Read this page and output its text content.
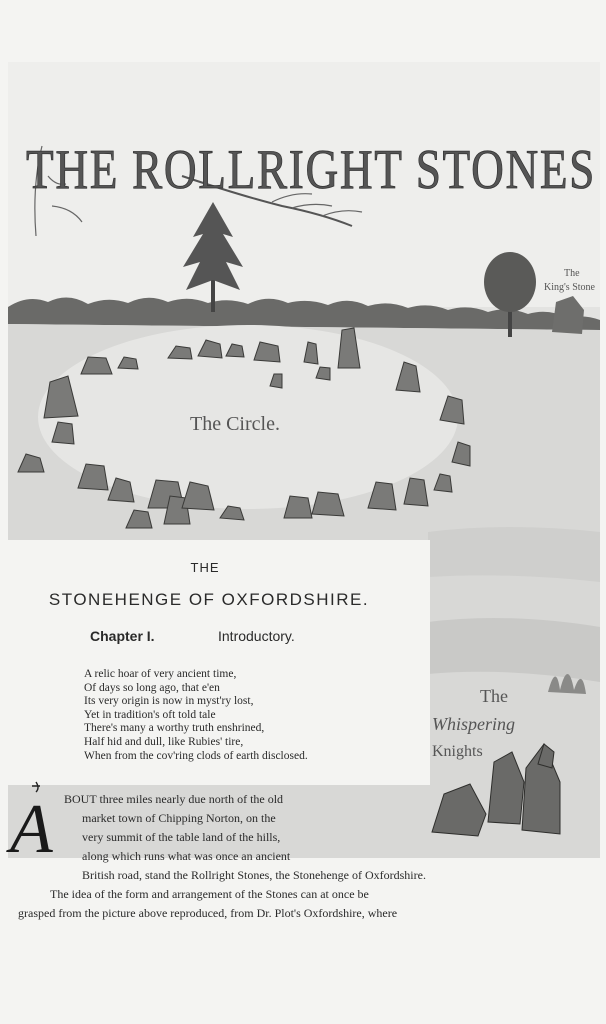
The
King's Stone
The Circle.
The
Whispering
Knights
THE ROLLRIGHT STONES
THE
STONEHENGE OF OXFORDSHIRE.
Chapter I.	Introductory.
A relic hoar of very ancient time,
Of days so long ago, that e'en
Its very origin is now in myst'ry lost,
Yet in tradition's oft told tale
There's many a worthy truth enshrined,
Half hid and dull, like Rubies' tire,
When from the cov'ring clods of earth disclosed.
A BOUT three miles nearly due north of the old
market town of Chipping Norton, on the
very summit of the table land of the hills,
along which runs what was once an ancient
British road, stand the Rollright Stones, the Stonehenge of Oxfordshire.
The idea of the form and arrangement of the Stones can at once be
grasped from the picture above reproduced, from Dr. Plot's Oxfordshire, where
